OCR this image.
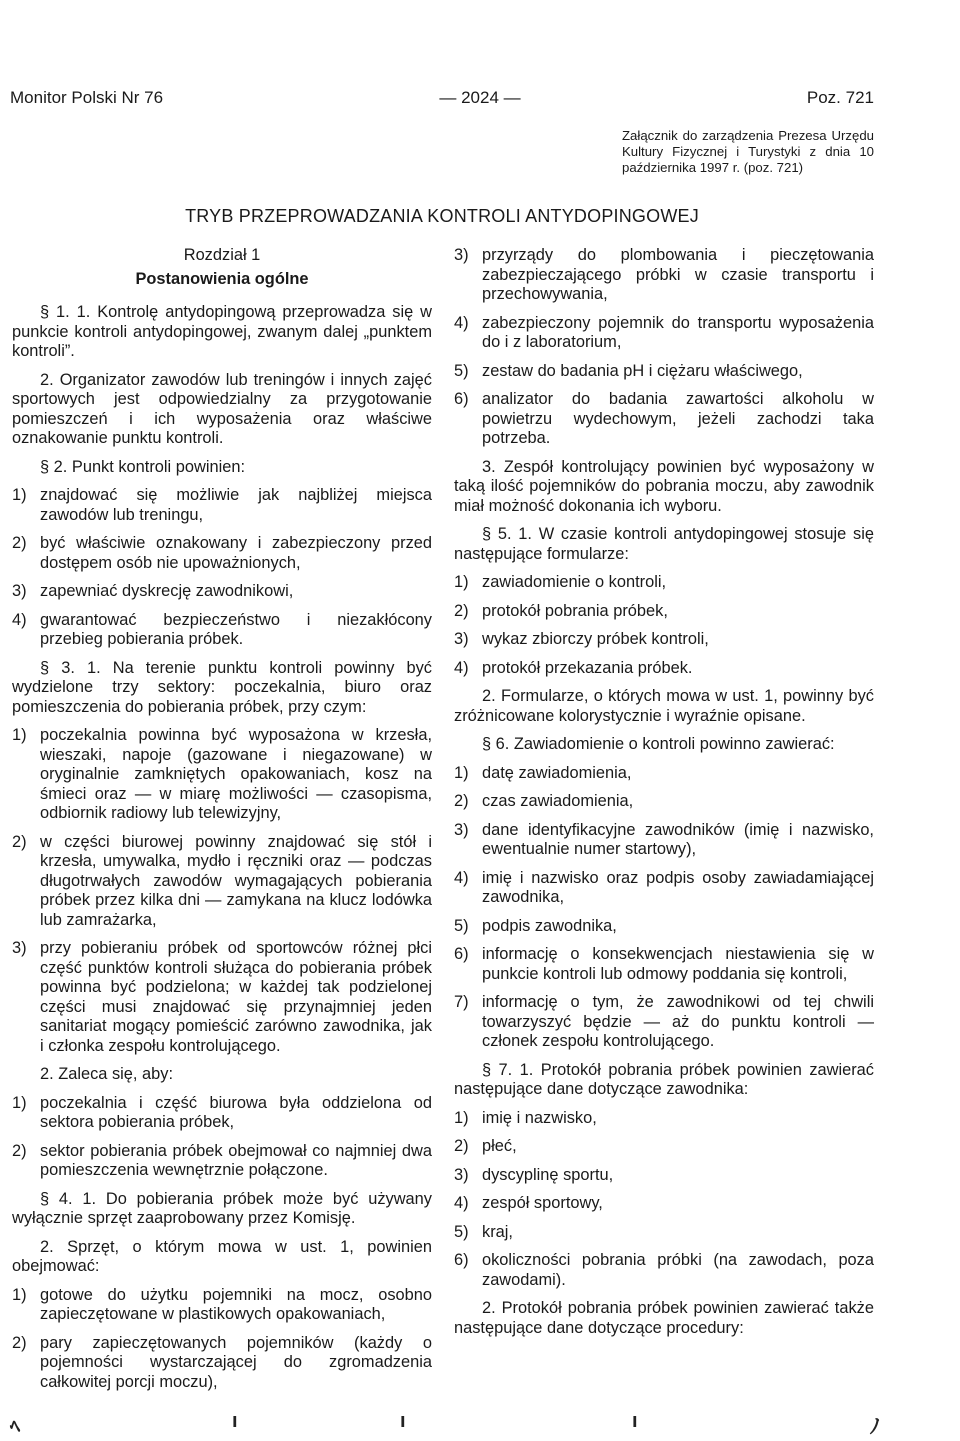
Monitor Polski Nr 76	— 2024 —	Poz. 721
Załącznik do zarządzenia Prezesa Urzędu Kultury Fizycznej i Turystyki z dnia 10 października 1997 r. (poz. 721)
TRYB PRZEPROWADZANIA KONTROLI ANTYDOPINGOWEJ
Rozdział 1
Postanowienia ogólne

§ 1. 1. Kontrolę antydopingową przeprowadza się w punkcie kontroli antydopingowej, zwanym dalej „punktem kontroli”.

2. Organizator zawodów lub treningów i innych zajęć sportowych jest odpowiedzialny za przygotowanie pomieszczeń i ich wyposażenia oraz właściwe oznakowanie punktu kontroli.

§ 2. Punkt kontroli powinien:

1) znajdować się możliwie jak najbliżej miejsca zawodów lub treningu,
2) być właściwie oznakowany i zabezpieczony przed dostępem osób nie upoważnionych,
3) zapewniać dyskrecję zawodnikowi,
4) gwarantować bezpieczeństwo i niezakłócony przebieg pobierania próbek.

§ 3. 1. Na terenie punktu kontroli powinny być wydzielone trzy sektory: poczekalnia, biuro oraz pomieszczenia do pobierania próbek, przy czym:

1) poczekalnia powinna być wyposażona w krzesła, wieszaki, napoje (gazowane i niegazowane) w oryginalnie zamkniętych opakowaniach, kosz na śmieci oraz — w miarę możliwości — czasopisma, odbiornik radiowy lub telewizyjny,
2) w części biurowej powinny znajdować się stół i krzesła, umywalka, mydło i ręczniki oraz — podczas długotrwałych zawodów wymagających pobierania próbek przez kilka dni — zamykana na klucz lodówka lub zamrażarka,
3) przy pobieraniu próbek od sportowców różnej płci część punktów kontroli służąca do pobierania próbek powinna być podzielona; w każdej tak podzielonej części musi znajdować się przynajmniej jeden sanitariat mogący pomieścić zarówno zawodnika, jak i członka zespołu kontrolującego.

2. Zaleca się, aby:

1) poczekalnia i część biurowa była oddzielona od sektora pobierania próbek,
2) sektor pobierania próbek obejmował co najmniej dwa pomieszczenia wewnętrznie połączone.

§ 4. 1. Do pobierania próbek może być używany wyłącznie sprzęt zaaprobowany przez Komisję.

2. Sprzęt, o którym mowa w ust. 1, powinien obejmować:

1) gotowe do użytku pojemniki na mocz, osobno zapieczętowane w plastikowych opakowaniach,
2) pary zapieczętowanych pojemników (każdy o pojemności wystarczającej do zgromadzenia całkowitej porcji moczu),
3) przyrządy do plombowania i pieczętowania zabezpieczającego próbki w czasie transportu i przechowywania,
4) zabezpieczony pojemnik do transportu wyposażenia do i z laboratorium,
5) zestaw do badania pH i ciężaru właściwego,
6) analizator do badania zawartości alkoholu w powietrzu wydechowym, jeżeli zachodzi taka potrzeba.

3. Zespół kontrolujący powinien być wyposażony w taką ilość pojemników do pobrania moczu, aby zawodnik miał możność dokonania ich wyboru.

§ 5. 1. W czasie kontroli antydopingowej stosuje się następujące formularze:

1) zawiadomienie o kontroli,
2) protokół pobrania próbek,
3) wykaz zbiorczy próbek kontroli,
4) protokół przekazania próbek.

2. Formularze, o których mowa w ust. 1, powinny być zróżnicowane kolorystycznie i wyraźnie opisane.

§ 6. Zawiadomienie o kontroli powinno zawierać:

1) datę zawiadomienia,
2) czas zawiadomienia,
3) dane identyfikacyjne zawodników (imię i nazwisko, ewentualnie numer startowy),
4) imię i nazwisko oraz podpis osoby zawiadamiającej zawodnika,
5) podpis zawodnika,
6) informację o konsekwencjach niestawienia się w punkcie kontroli lub odmowy poddania się kontroli,
7) informację o tym, że zawodnikowi od tej chwili towarzyszyć będzie — aż do punktu kontroli — członek zespołu kontrolującego.

§ 7. 1. Protokół pobrania próbek powinien zawierać następujące dane dotyczące zawodnika:

1) imię i nazwisko,
2) płeć,
3) dyscyplinę sportu,
4) zespół sportowy,
5) kraj,
6) okoliczności pobrania próbki (na zawodach, poza zawodami).

2. Protokół pobrania próbek powinien zawierać także następujące dane dotyczące procedury:

ﾍ	ı	ı	ı	ﾉ
